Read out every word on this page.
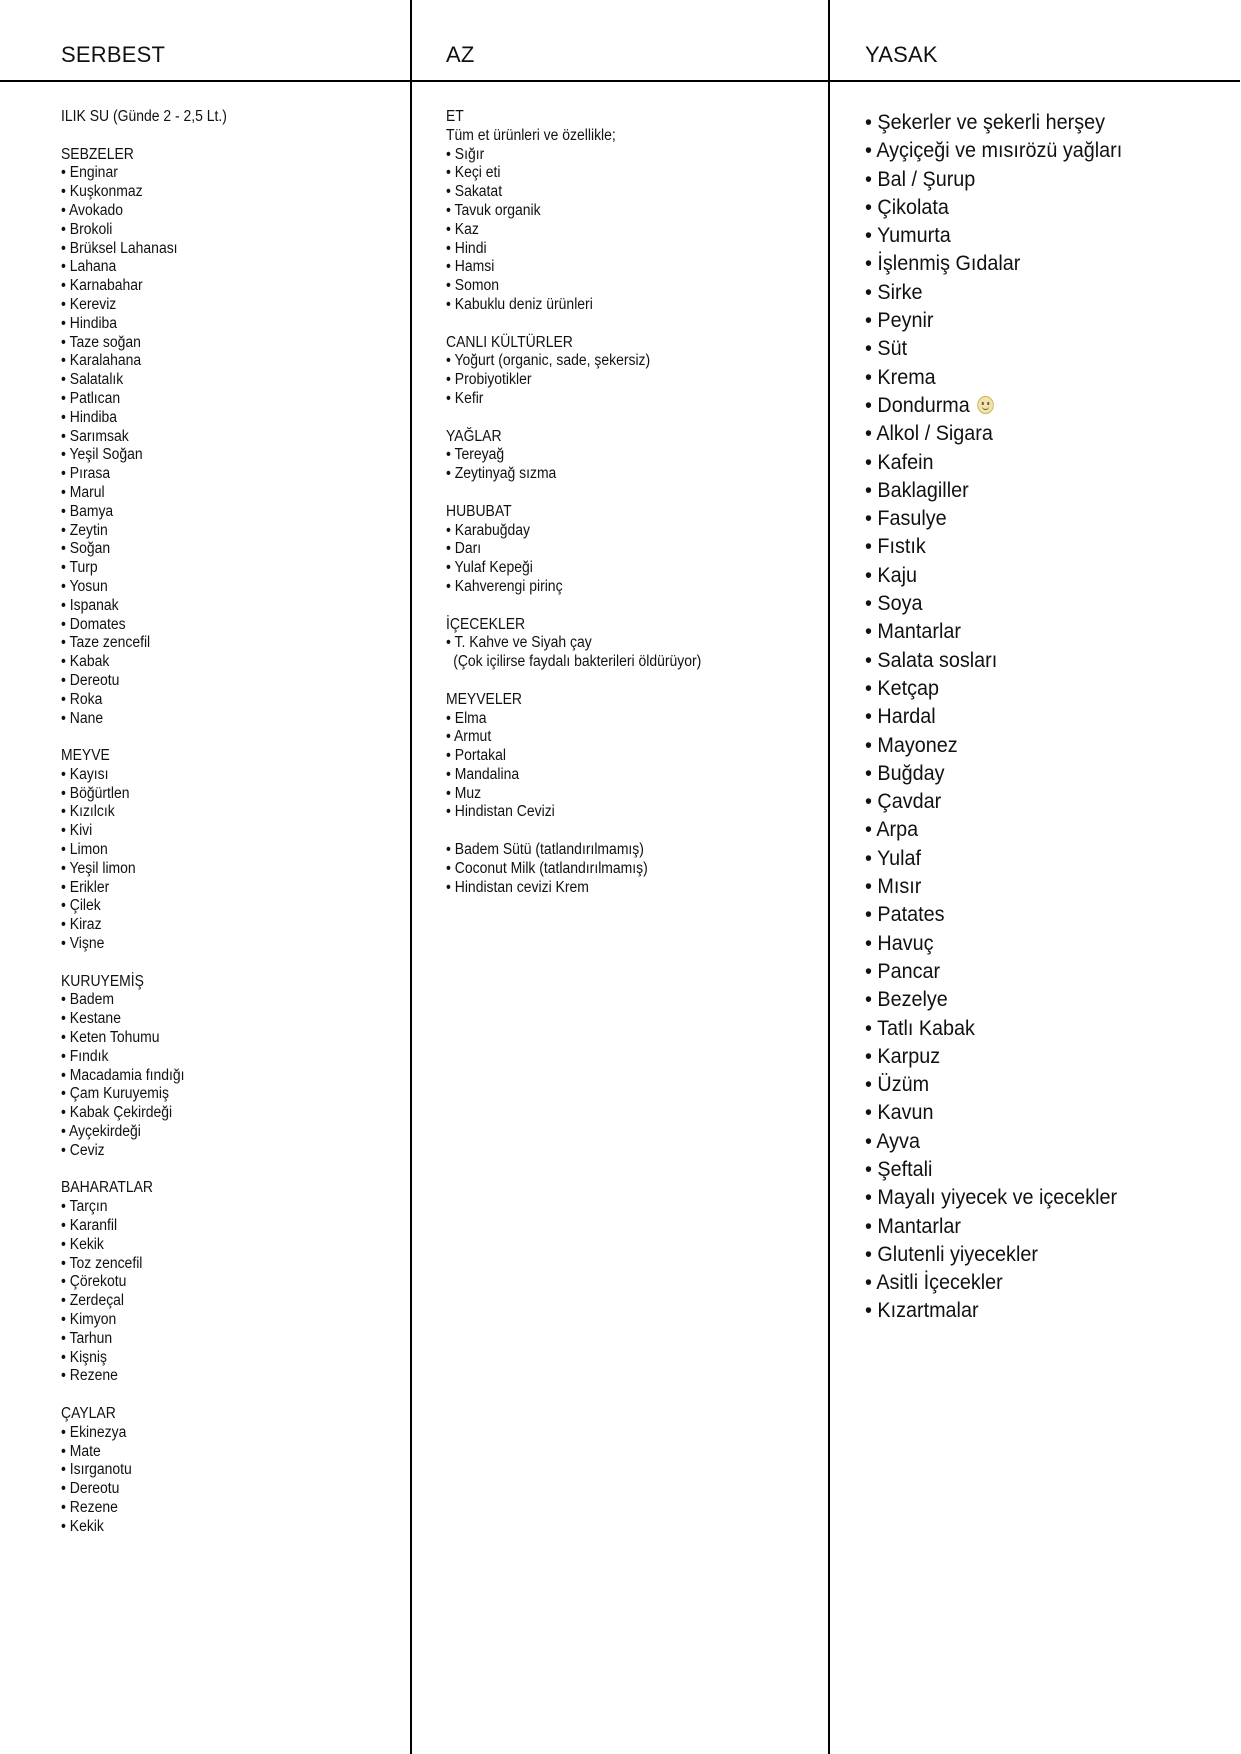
SERBEST	AZ	YASAK
ILIK SU (Günde 2 - 2,5 Lt.)
SEBZELER
• Enginar
• Kuşkonmaz
• Avokado
• Brokoli
• Brüksel Lahanası
• Lahana
• Karnabahar
• Kereviz
• Hindiba
• Taze soğan
• Karalahana
• Salatalık
• Patlıcan
• Hindiba
• Sarımsak
• Yeşil Soğan
• Pırasa
• Marul
• Bamya
• Zeytin
• Soğan
• Turp
• Yosun
• Ispanak
• Domates
• Taze zencefil
• Kabak
• Dereotu
• Roka
• Nane
MEYVE
• Kayısı
• Böğürtlen
• Kızılcık
• Kivi
• Limon
• Yeşil limon
• Erikler
• Çilek
• Kiraz
• Vişne
KURUYEMİŞ
• Badem
• Kestane
• Keten Tohumu
• Fındık
• Macadamia fındığı
• Çam Kuruyemiş
• Kabak Çekirdeği
• Ayçekirdeği
• Ceviz
BAHARATLAR
• Tarçın
• Karanfil
• Kekik
• Toz zencefil
• Çörekotu
• Zerdeçal
• Kimyon
• Tarhun
• Kişniş
• Rezene
ÇAYLAR
• Ekinezya
• Mate
• Isırganotu
• Dereotu
• Rezene
• Kekik
ET
Tüm et ürünleri ve özellikle;
• Sığır
• Keçi eti
• Sakatat
• Tavuk organik
• Kaz
• Hindi
• Hamsi
• Somon
• Kabuklu deniz ürünleri
CANLI KÜLTÜRLER
• Yoğurt (organic, sade, şekersiz)
• Probiyotikler
• Kefir
YAĞLAR
• Tereyağ
• Zeytinyağ sızma
HUBUBAT
• Karabuğday
• Darı
• Yulaf Kepeği
• Kahverengi pirinç
İÇECEKLER
• T. Kahve ve Siyah çay
(Çok içilirse faydalı bakterileri öldürüyor)
MEYVELER
• Elma
• Armut
• Portakal
• Mandalina
• Muz
• Hindistan Cevizi
• Badem Sütü (tatlandırılmamış)
• Coconut Milk (tatlandırılmamış)
• Hindistan cevizi Krem
• Şekerler ve şekerli herşey
• Ayçiçeği ve mısırözü yağları
• Bal / Şurup
• Çikolata
• Yumurta
• İşlenmiş Gıdalar
• Sirke
• Peynir
• Süt
• Krema
• Dondurma
• Alkol / Sigara
• Kafein
• Baklagiller
• Fasulye
• Fıstık
• Kaju
• Soya
• Mantarlar
• Salata sosları
• Ketçap
• Hardal
• Mayonez
• Buğday
• Çavdar
• Arpa
• Yulaf
• Mısır
• Patates
• Havuç
• Pancar
• Bezelye
• Tatlı Kabak
• Karpuz
• Üzüm
• Kavun
• Ayva
• Şeftali
• Mayalı yiyecek ve içecekler
• Mantarlar
• Glutenli yiyecekler
• Asitli İçecekler
• Kızartmalar
